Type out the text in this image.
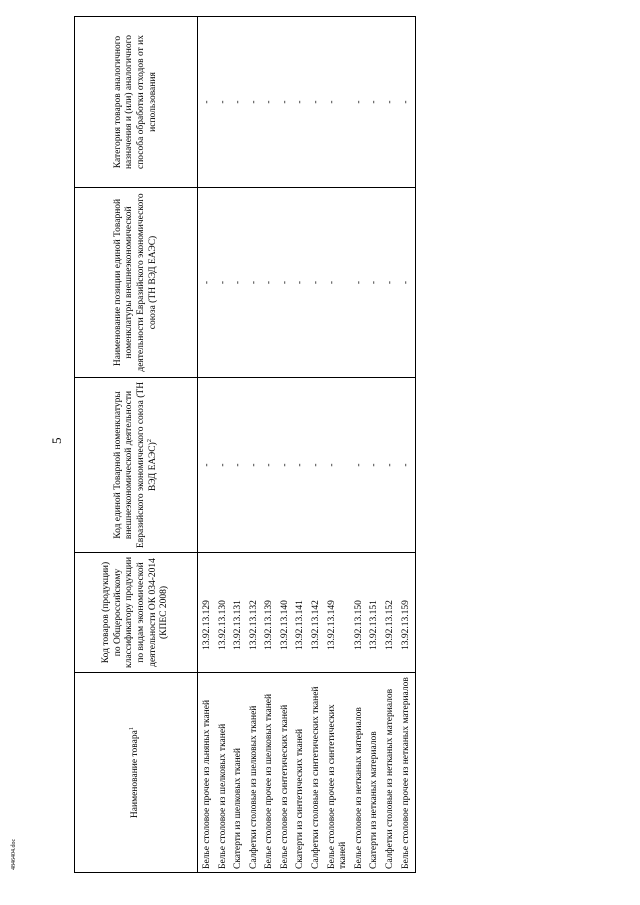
5
Наименование товара$^1$	Код товаров (продукции) по Общероссийскому классификатору продукции по видам экономической деятельности ОК 034-2014 (КПЕС 2008)	Код единой Товарной номенклатуры внешнеэкономической деятельности Евразийского экономического союза (ТН ВЭД ЕАЭС)$^2$	Наименование позиции единой Товарной номенклатуры внешнеэкономической деятельности Евразийского экономического союза (ТН ВЭД ЕАЭС)	Категория товаров аналогичного назначения и (или) аналогичного способа обработки отходов от их использования

Белье столовое прочее из льняных тканей	13.92.13.129	-	-	-
Белье столовое из шелковых тканей	13.92.13.130	-	-	-
Скатерти из шелковых тканей	13.92.13.131	-	-	-
Салфетки столовые из шелковых тканей	13.92.13.132	-	-	-
Белье столовое прочее из шелковых тканей	13.92.13.139	-	-	-
Белье столовое из синтетических тканей	13.92.13.140	-	-	-
Скатерти из синтетических тканей	13.92.13.141	-	-	-
Салфетки столовые из синтетических тканей	13.92.13.142	-	-	-
Белье столовое прочее из синтетических тканей	13.92.13.149	-	-	-
Белье столовое из нетканых материалов	13.92.13.150	-	-	-
Скатерти из нетканых материалов	13.92.13.151	-	-	-
Салфетки столовые из нетканых материалов	13.92.13.152	-	-	-
Белье столовое прочее из нетканых материалов	13.92.13.159	-	-	-
4846404.doc
